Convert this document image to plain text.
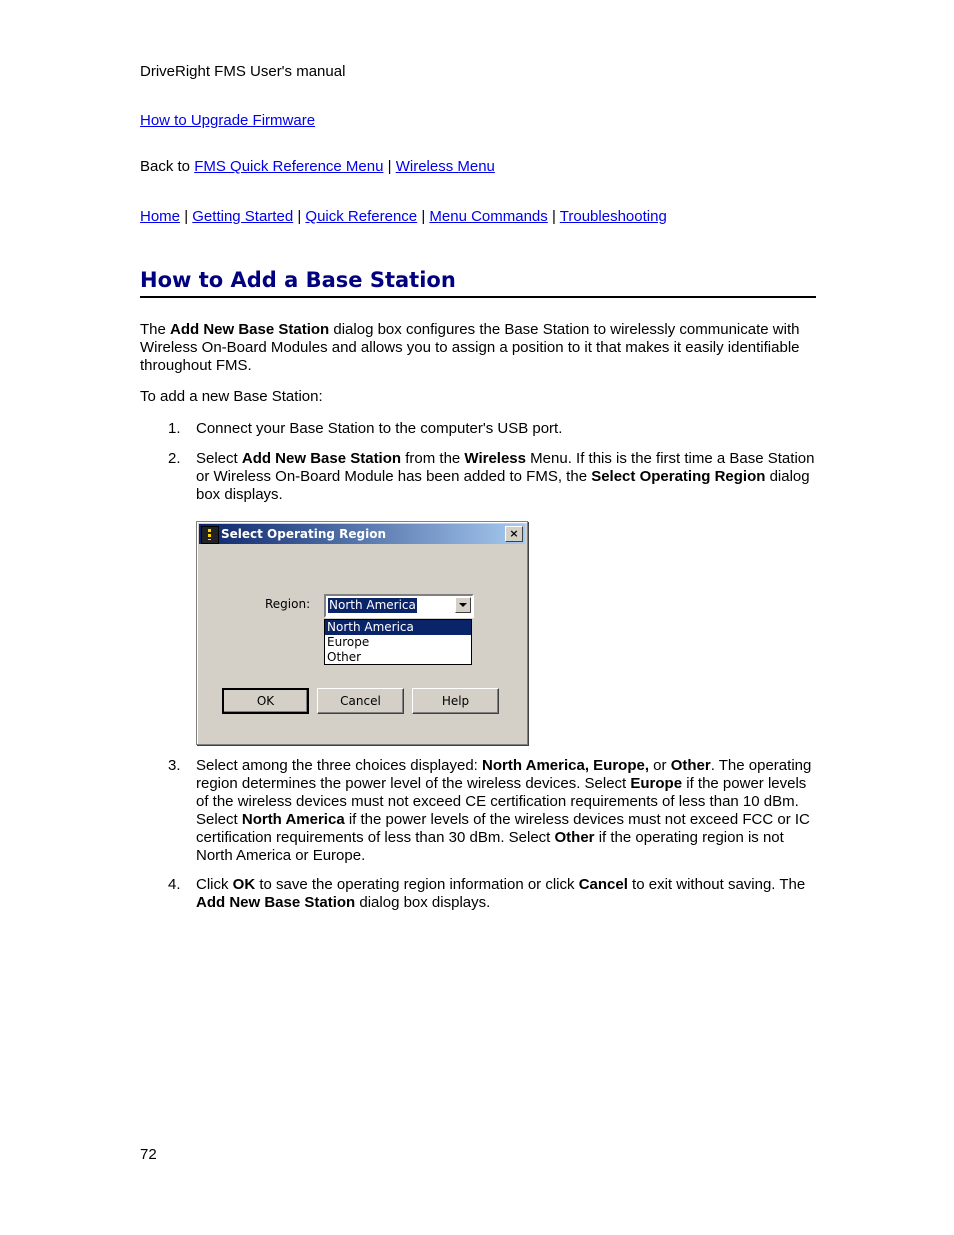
DriveRight FMS User's manual
How to Upgrade Firmware
Back to FMS Quick Reference Menu | Wireless Menu
Home | Getting Started | Quick Reference | Menu Commands | Troubleshooting
How to Add a Base Station

The Add New Base Station dialog box configures the Base Station to wirelessly communicate with Wireless On-Board Modules and allows you to assign a position to it that makes it easily identifiable throughout FMS.

To add a new Base Station:

1. Connect your Base Station to the computer's USB port.

2. Select Add New Base Station from the Wireless Menu. If this is the first time a Base Station or Wireless On-Board Module has been added to FMS, the Select Operating Region dialog box displays.

Select Operating Region	×
Region: North America
North America
Europe
Other
OK	Cancel	Help
3. Select among the three choices displayed: North America, Europe, or Other. The operating region determines the power level of the wireless devices. Select Europe if the power levels of the wireless devices must not exceed CE certification requirements of less than 10 dBm. Select North America if the power levels of the wireless devices must not exceed FCC or IC certification requirements of less than 30 dBm. Select Other if the operating region is not North America or Europe.

4. Click OK to save the operating region information or click Cancel to exit without saving. The Add New Base Station dialog box displays.

72
